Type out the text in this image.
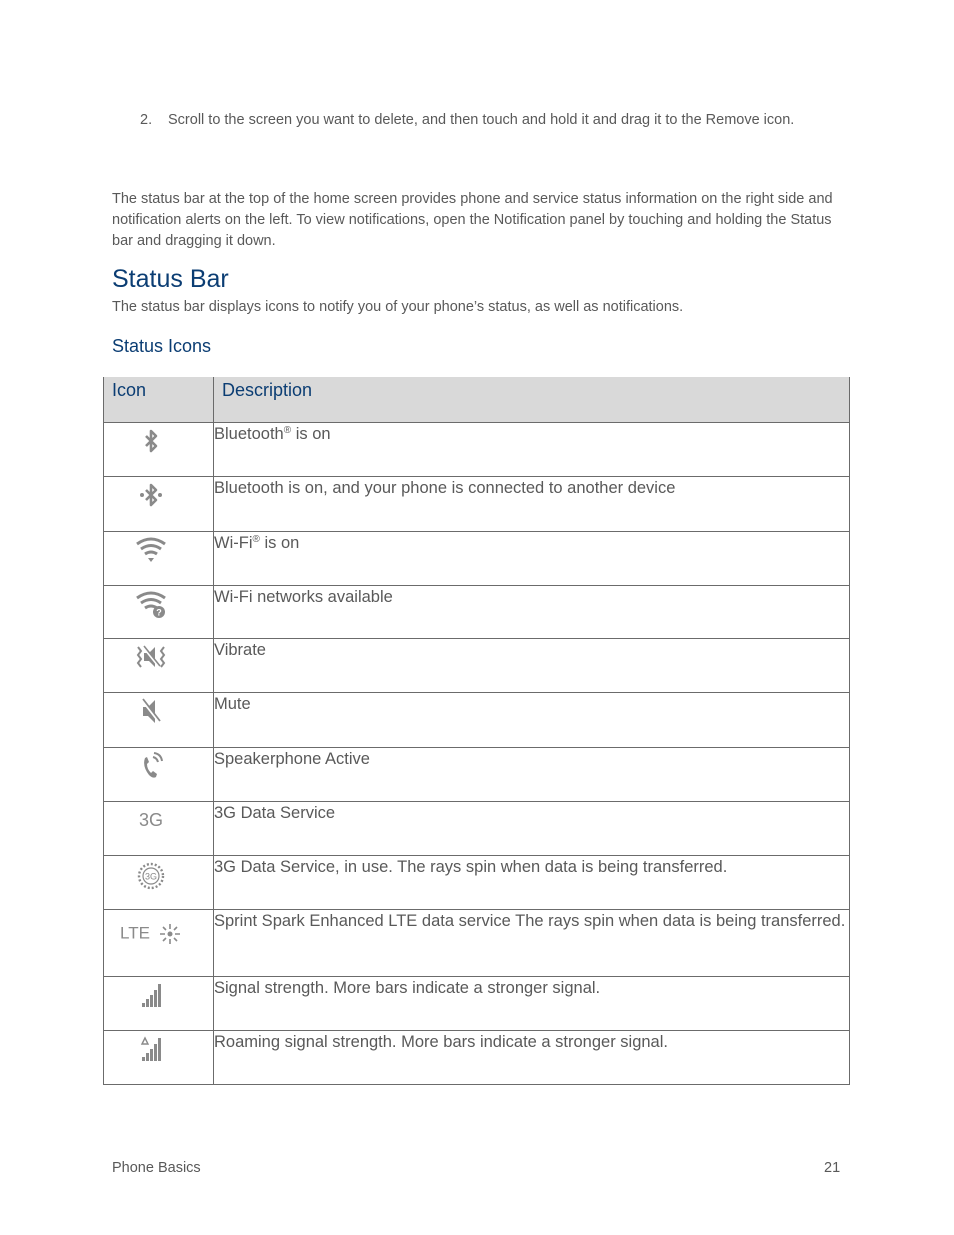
2. Scroll to the screen you want to delete, and then touch and hold it and drag it to the Remove icon.
The status bar at the top of the home screen provides phone and service status information on the right side and notification alerts on the left. To view notifications, open the Notification panel by touching and holding the Status bar and dragging it down.
Status Bar
The status bar displays icons to notify you of your phone’s status, as well as notifications.
Status Icons
Icon	Description

	Bluetooth® is on

	Bluetooth is on, and your phone is connected to another device

	Wi-Fi® is on

?	Wi-Fi networks available

	Vibrate

	Mute

	Speakerphone Active

3G	3G Data Service

3G	3G Data Service, in use. The rays spin when data is being transferred.

LTE	Sprint Spark Enhanced LTE data service The rays spin when data is being transferred.

	Signal strength. More bars indicate a stronger signal.

	Roaming signal strength. More bars indicate a stronger signal.
Phone Basics	21
